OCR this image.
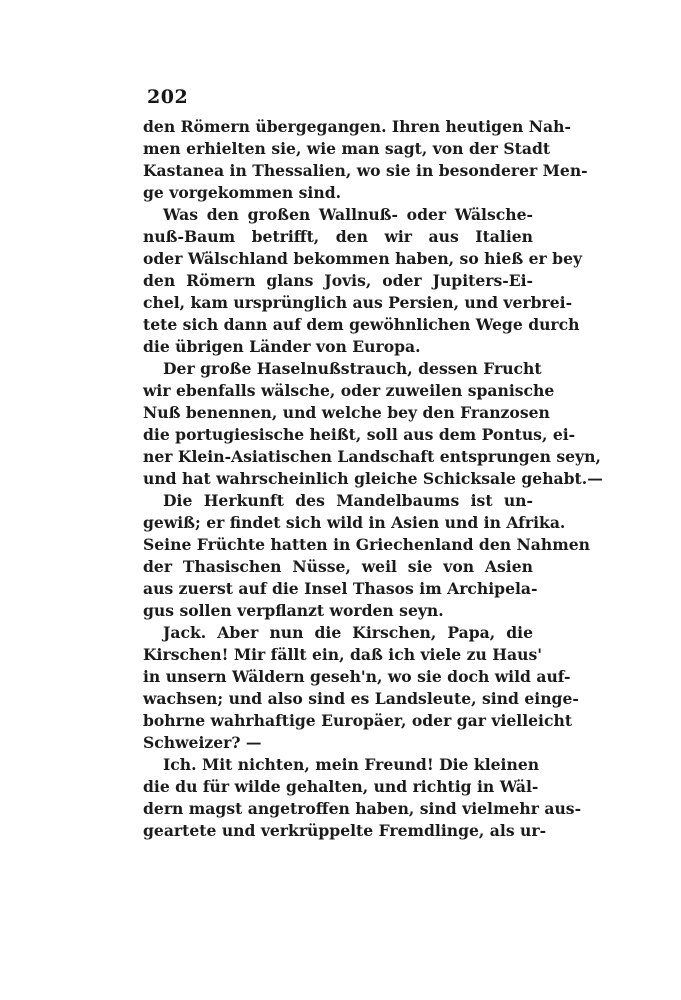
202
den Römern übergegangen. Ihren heutigen Nah-
men erhielten sie, wie man sagt, von der Stadt
Kastanea in Thessalien, wo sie in besonderer Men-
ge vorgekommen sind.
Was den großen Wallnuß- oder Wälsche-
nuß-Baum betrifft, den wir aus Italien
oder Wälschland bekommen haben, so hieß er bey
den Römern glans Jovis, oder Jupiters-Ei-
chel, kam ursprünglich aus Persien, und verbrei-
tete sich dann auf dem gewöhnlichen Wege durch
die übrigen Länder von Europa.
Der große Haselnußstrauch, dessen Frucht
wir ebenfalls wälsche, oder zuweilen spanische
Nuß benennen, und welche bey den Franzosen
die portugiesische heißt, soll aus dem Pontus, ei-
ner Klein-Asiatischen Landschaft entsprungen seyn,
und hat wahrscheinlich gleiche Schicksale gehabt.—
Die Herkunft des Mandelbaums ist un-
gewiß; er findet sich wild in Asien und in Afrika.
Seine Früchte hatten in Griechenland den Nahmen
der Thasischen Nüsse, weil sie von Asien
aus zuerst auf die Insel Thasos im Archipela-
gus sollen verpflanzt worden seyn.
Jack. Aber nun die Kirschen, Papa, die
Kirschen! Mir fällt ein, daß ich viele zu Haus'
in unsern Wäldern geseh'n, wo sie doch wild auf-
wachsen; und also sind es Landsleute, sind einge-
bohrne wahrhaftige Europäer, oder gar vielleicht
Schweizer? —
Ich. Mit nichten, mein Freund! Die kleinen
die du für wilde gehalten, und richtig in Wäl-
dern magst angetroffen haben, sind vielmehr aus-
geartete und verkrüppelte Fremdlinge, als ur-
